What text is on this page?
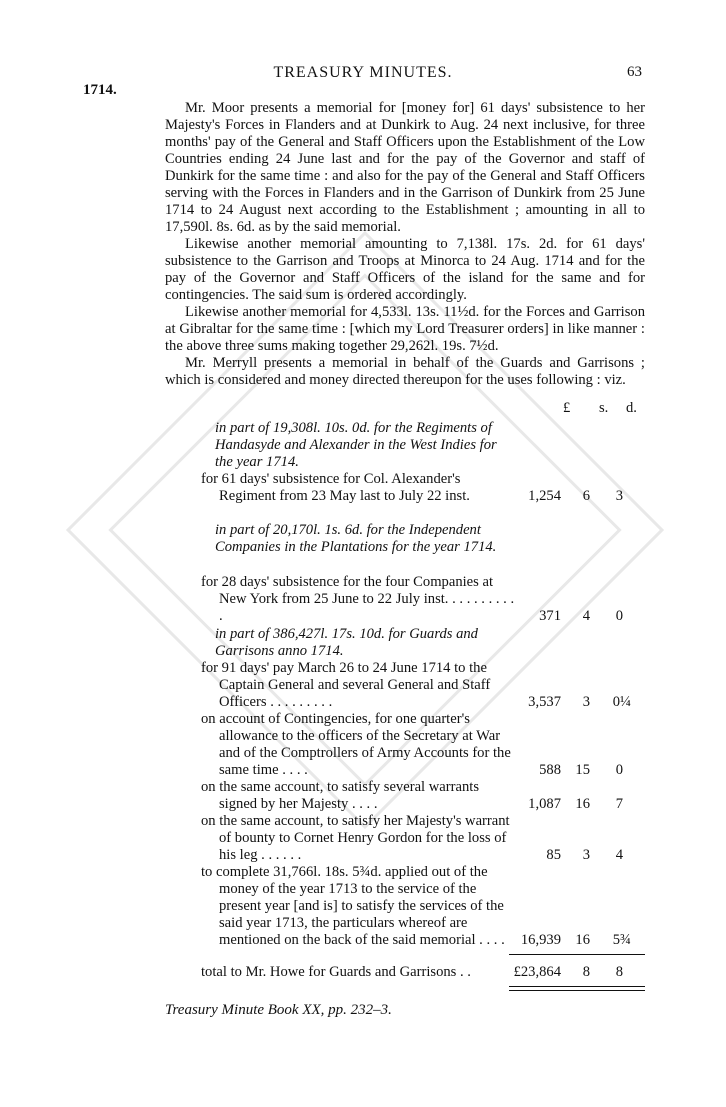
TREASURY MINUTES.	63
1714.

Mr. Moor presents a memorial for [money for] 61 days' subsistence to her Majesty's Forces in Flanders and at Dunkirk to Aug. 24 next inclusive, for three months' pay of the General and Staff Officers upon the Establishment of the Low Countries ending 24 June last and for the pay of the Governor and staff of Dunkirk for the same time : and also for the pay of the General and Staff Officers serving with the Forces in Flanders and in the Garrison of Dunkirk from 25 June 1714 to 24 August next according to the Establishment ; amounting in all to 17,590l. 8s. 6d. as by the said memorial.

Likewise another memorial amounting to 7,138l. 17s. 2d. for 61 days' subsistence to the Garrison and Troops at Minorca to 24 Aug. 1714 and for the pay of the Governor and Staff Officers of the island for the same and for contingencies. The said sum is ordered accordingly.

Likewise another memorial for 4,533l. 13s. 11½d. for the Forces and Garrison at Gibraltar for the same time : [which my Lord Treasurer orders] in like manner : the above three sums making together 29,262l. 19s. 7½d.

Mr. Merryll presents a memorial in behalf of the Guards and Garrisons ; which is considered and money directed thereupon for the uses following : viz.

£ s. d.
in part of 19,308l. 10s. 0d. for the Regiments of Handasyde and Alexander in the West Indies for the year 1714.
for 61 days' subsistence for Col. Alexander's Regiment from 23 May last to July 22 inst.	1,254 6 3
in part of 20,170l. 1s. 6d. for the Independent Companies in the Plantations for the year 1714.
for 28 days' subsistence for the four Companies at New York from 25 June to 22 July inst. . . . . . . . . . .	371 4 0
in part of 386,427l. 17s. 10d. for Guards and Garrisons anno 1714.
for 91 days' pay March 26 to 24 June 1714 to the Captain General and several General and Staff Officers . . . . . . . . .	3,537 3 0¼
on account of Contingencies, for one quarter's allowance to the officers of the Secretary at War and of the Comptrollers of Army Accounts for the same time . . . .	588 15 0
on the same account, to satisfy several warrants signed by her Majesty . . . .	1,087 16 7
on the same account, to satisfy her Majesty's warrant of bounty to Cornet Henry Gordon for the loss of his leg . . . . . .	85 3 4
to complete 31,766l. 18s. 5¾d. applied out of the money of the year 1713 to the service of the present year [and is] to satisfy the services of the said year 1713, the particulars whereof are mentioned on the back of the said memorial . . . .	16,939 16 5¾
total to Mr. Howe for Guards and Garrisons . .	£23,864 8 8
Treasury Minute Book XX, pp. 232–3.
